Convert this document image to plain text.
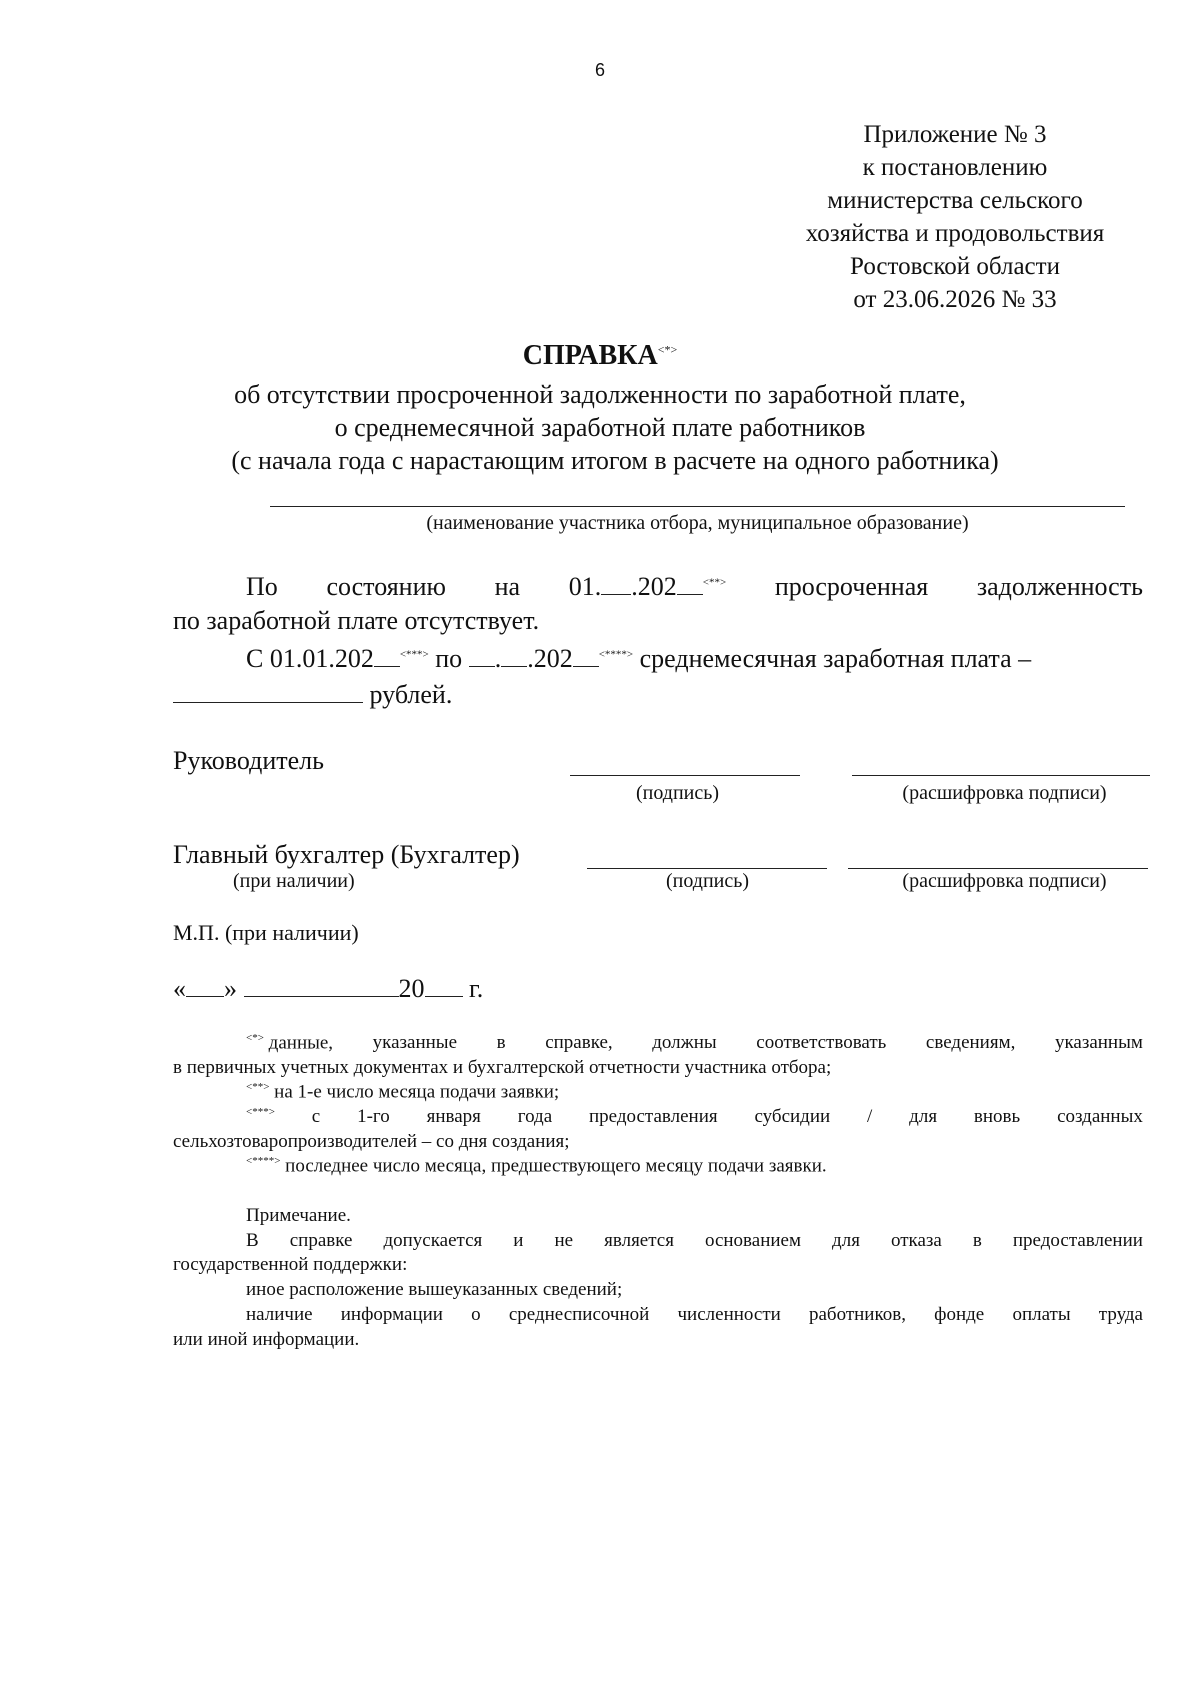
6
Приложение № 3
к постановлению
министерства сельского
хозяйства и продовольствия
Ростовской области
от 23.06.2026 № 33
СПРАВКА<*>
об отсутствии просроченной задолженности по заработной плате,
о среднемесячной заработной плате работников
(с начала года с нарастающим итогом в расчете на одного работника)
(наименование участника отбора, муниципальное образование)
По состоянию на 01. .202 <**> просроченная задолженность
по заработной плате отсутствует.
С 01.01.202 <***> по . .202 <****> среднемесячная заработная плата –
рублей.
Руководитель
(подпись)	(расшифровка подписи)
Главный бухгалтер (Бухгалтер)
(при наличии)	(подпись)	(расшифровка подписи)
М.П. (при наличии)
« »	20 г.
<*> данные, указанные в справке, должны соответствовать сведениям, указанным
в первичных учетных документах и бухгалтерской отчетности участника отбора;
<**> на 1-е число месяца подачи заявки;
<***> с 1-го января года предоставления субсидии / для вновь созданных
сельхозтоваропроизводителей – со дня создания;
<****> последнее число месяца, предшествующего месяцу подачи заявки.
Примечание.
В справке допускается и не является основанием для отказа в предоставлении
государственной поддержки:
иное расположение вышеуказанных сведений;
наличие информации о среднесписочной численности работников, фонде оплаты труда
или иной информации.
